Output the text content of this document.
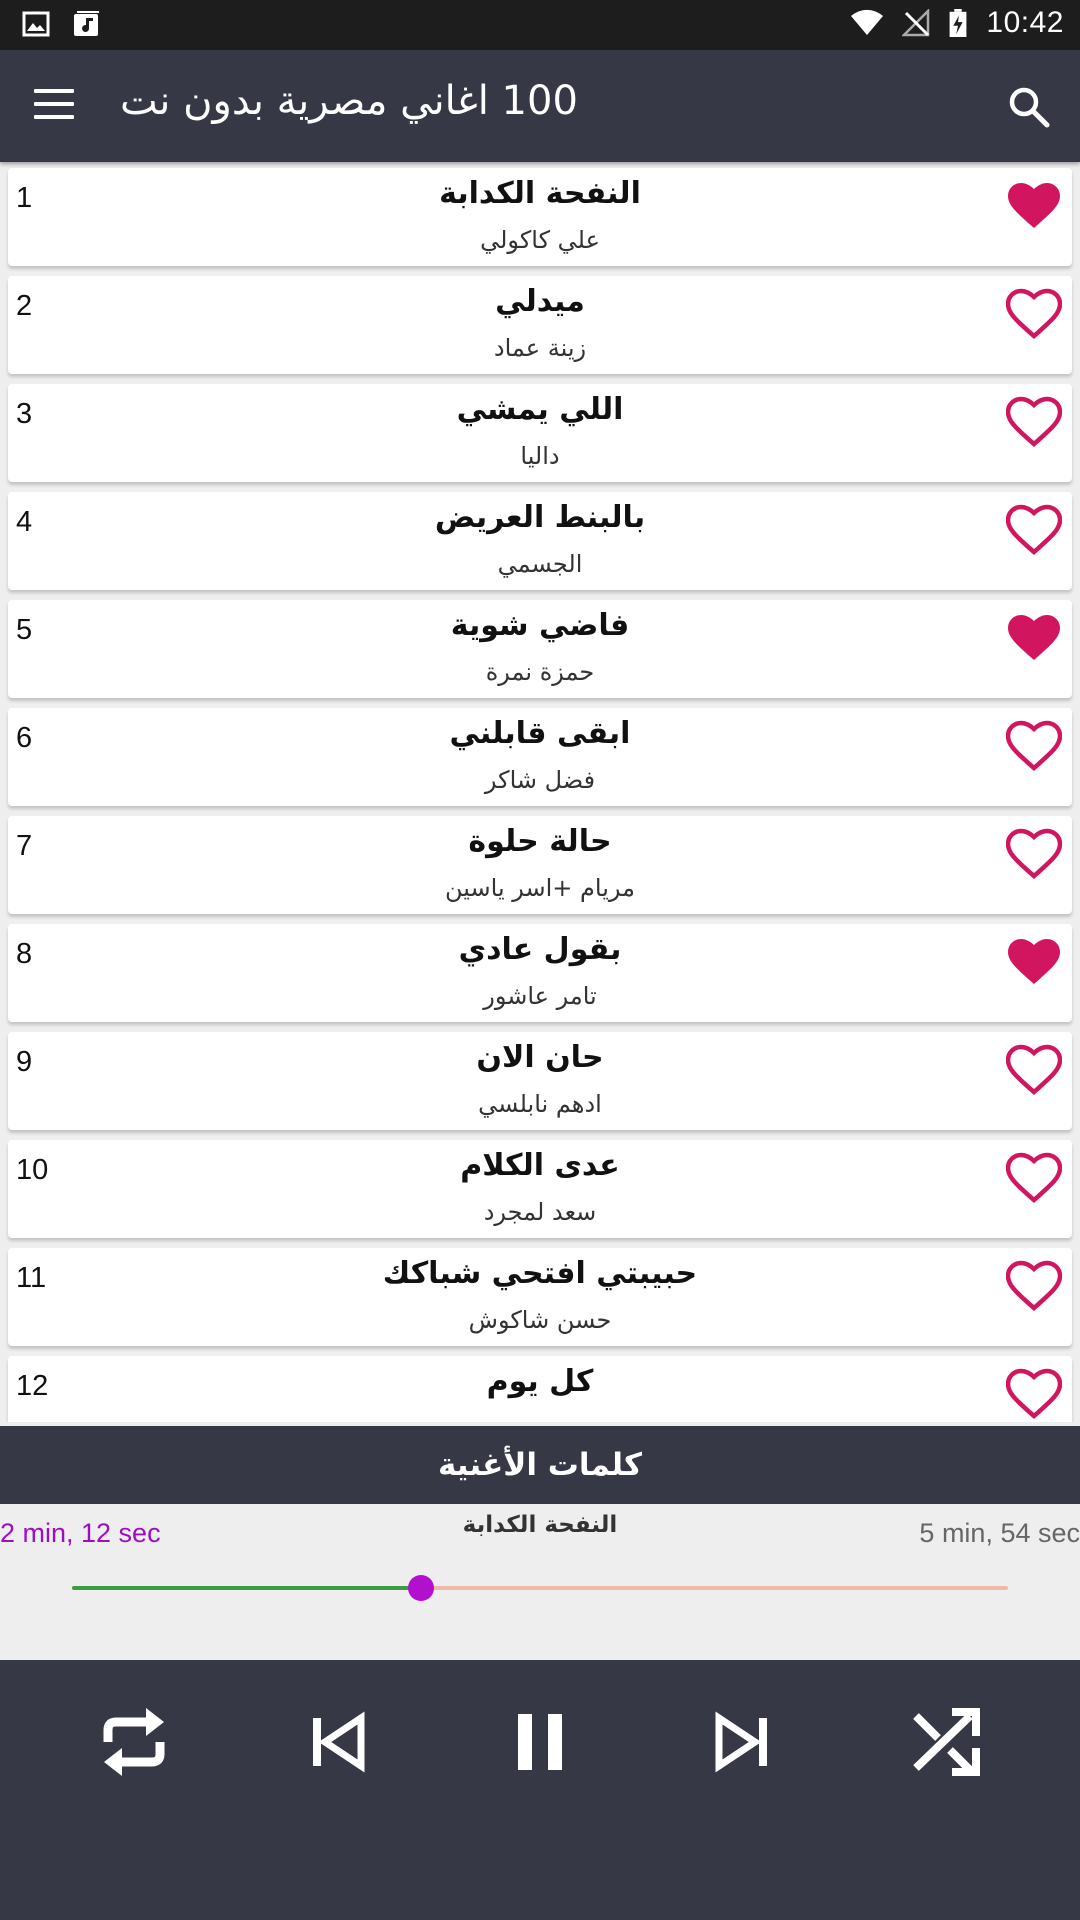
10:42
100 اغاني مصرية بدون نت
1	النفحة الكدابة
علي كاكولي
2	ميدلي
زينة عماد
3	اللي يمشي
داليا
4	بالبنط العريض
الجسمي
5	فاضي شوية
حمزة نمرة
6	ابقى قابلني
فضل شاكر
7	حالة حلوة
مريام +اسر ياسين
8	بقول عادي
تامر عاشور
9	حان الان
ادهم نابلسي
10	عدى الكلام
سعد لمجرد
11	حبيبتي افتحي شباكك
حسن شاكوش
12	كل يوم
كلمات الأغنية
2 min, 12 sec	النفحة الكدابة	5 min, 54 sec
